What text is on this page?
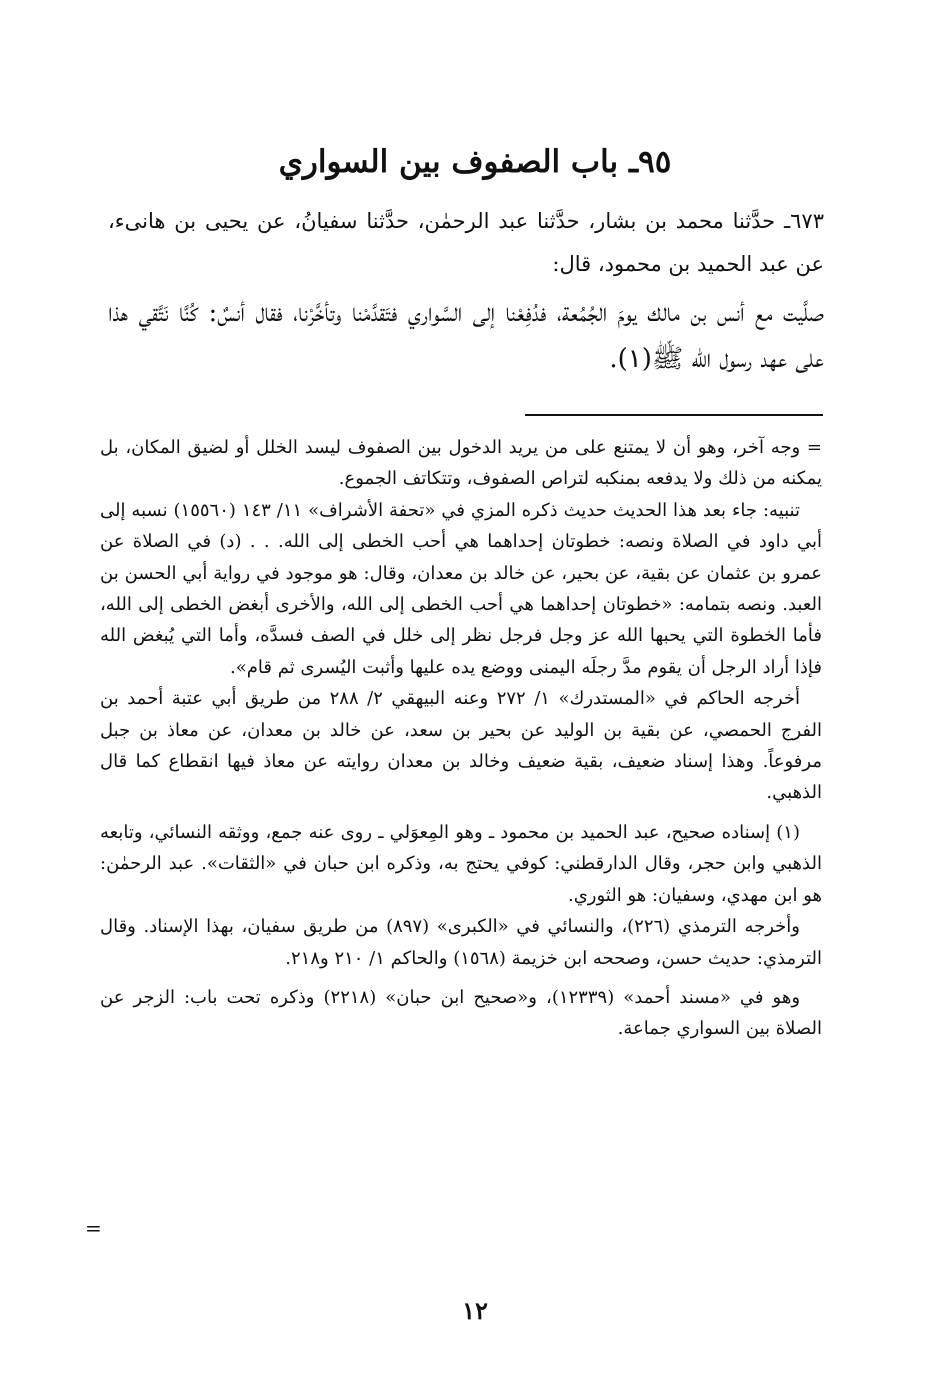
٩٥ـ باب الصفوف بين السواري

٦٧٣ـ حدَّثنا محمد بن بشار، حدَّثنا عبد الرحمٰن، حدَّثنا سفيانُ، عن يحيى بن هانىء، عن عبد الحميد بن محمود، قال:

صلَّيت مع أنس بن مالك يومَ الجُمُعة، فدُفِعْنا إلى السَّواري فتَقدَّمْنا وتأخَّرْنا، فقال أنسٌ: كُنَّا نَتَّقي هذا على عهد رسول الله ﷺ(١).

= وجه آخر، وهو أن لا يمتنع على من يريد الدخول بين الصفوف ليسد الخلل أو لضيق المكان، بل يمكنه من ذلك ولا يدفعه بمنكبه لتراص الصفوف، وتتكاتف الجموع.

تنبيه: جاء بعد هذا الحديث حديث ذكره المزي في «تحفة الأشراف» ١١/ ١٤٣ (١٥٥٦٠) نسبه إلى أبي داود في الصلاة ونصه: خطوتان إحداهما هي أحب الخطى إلى الله. . . (د) في الصلاة عن عمرو بن عثمان عن بقية، عن بحير، عن خالد بن معدان، وقال: هو موجود في رواية أبي الحسن بن العبد. ونصه بتمامه: «خطوتان إحداهما هي أحب الخطى إلى الله، والأخرى أبغض الخطى إلى الله، فأما الخطوة التي يحبها الله عز وجل فرجل نظر إلى خلل في الصف فسدَّه، وأما التي يُبغض الله فإذا أراد الرجل أن يقوم مدَّ رجلَه اليمنى ووضع يده عليها وأثبت اليُسرى ثم قام».

أخرجه الحاكم في «المستدرك» ١/ ٢٧٢ وعنه البيهقي ٢/ ٢٨٨ من طريق أبي عتبة أحمد بن الفرج الحمصي، عن بقية بن الوليد عن بحير بن سعد، عن خالد بن معدان، عن معاذ بن جبل مرفوعاً. وهذا إسناد ضعيف، بقية ضعيف وخالد بن معدان روايته عن معاذ فيها انقطاع كما قال الذهبي.

(١) إسناده صحيح، عبد الحميد بن محمود ـ وهو المِعوَلي ـ روى عنه جمع، ووثقه النسائي، وتابعه الذهبي وابن حجر، وقال الدارقطني: كوفي يحتج به، وذكره ابن حبان في «الثقات». عبد الرحمٰن: هو ابن مهدي، وسفيان: هو الثوري.

وأخرجه الترمذي (٢٢٦)، والنسائي في «الكبرى» (٨٩٧) من طريق سفيان، بهذا الإسناد. وقال الترمذي: حديث حسن، وصححه ابن خزيمة (١٥٦٨) والحاكم ١/ ٢١٠ و٢١٨.

وهو في «مسند أحمد» (١٢٣٣٩)، و«صحيح ابن حبان» (٢٢١٨) وذكره تحت باب: الزجر عن الصلاة بين السواري جماعة.

=
١٢
